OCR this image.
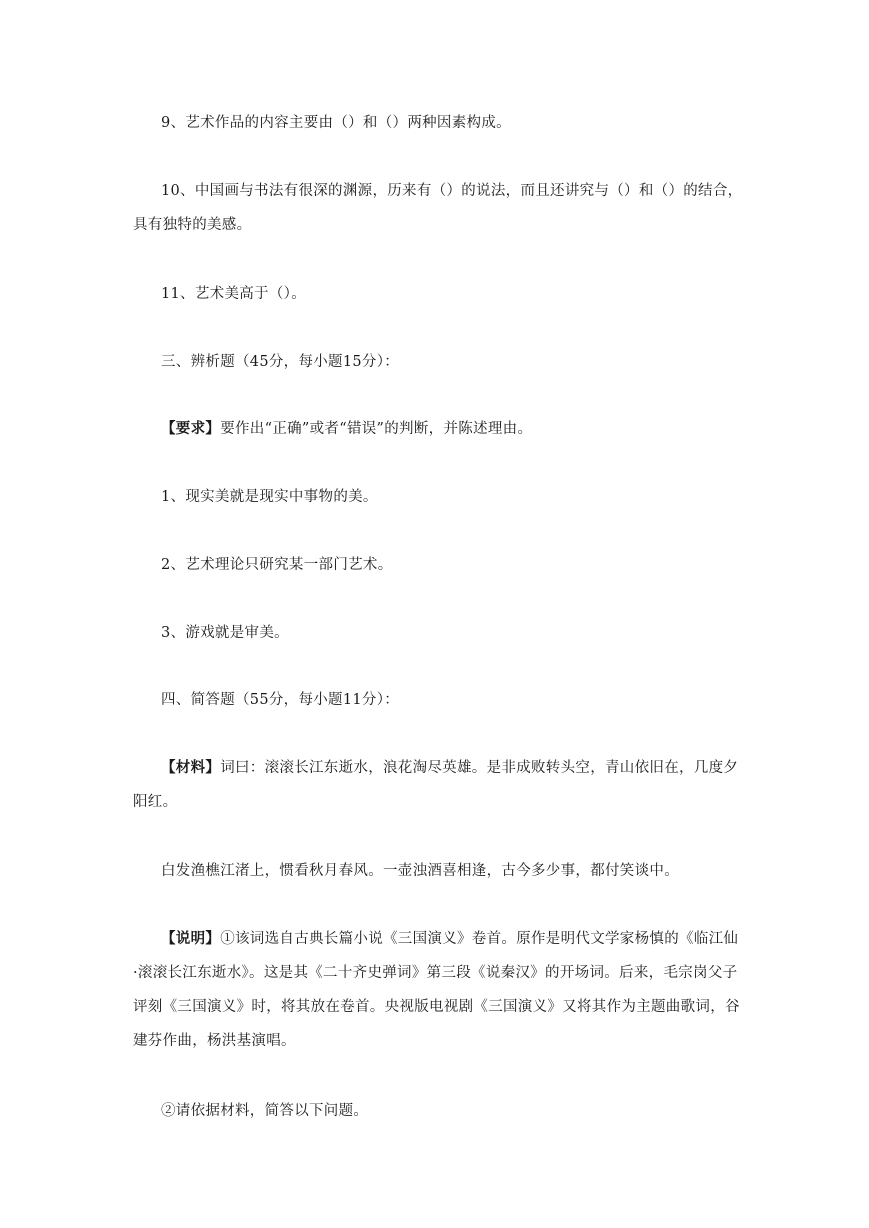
9、艺术作品的内容主要由（）和（）两种因素构成。

10、中国画与书法有很深的渊源，历来有（）的说法，而且还讲究与（）和（）的结合，具有独特的美感。

11、艺术美高于（）。

三、辨析题（45分，每小题15分）：

【要求】要作出“正确”或者“错误”的判断，并陈述理由。

1、现实美就是现实中事物的美。

2、艺术理论只研究某一部门艺术。

3、游戏就是审美。

四、简答题（55分，每小题11分）：

【材料】词曰：滚滚长江东逝水，浪花淘尽英雄。是非成败转头空，青山依旧在，几度夕阳红。

白发渔樵江渚上，惯看秋月春风。一壶浊酒喜相逢，古今多少事，都付笑谈中。

【说明】①该词选自古典长篇小说《三国演义》卷首。原作是明代文学家杨慎的《临江仙·滚滚长江东逝水》。这是其《二十齐史弹词》第三段《说秦汉》的开场词。后来，毛宗岗父子评刻《三国演义》时，将其放在卷首。央视版电视剧《三国演义》又将其作为主题曲歌词，谷建芬作曲，杨洪基演唱。

②请依据材料，简答以下问题。
